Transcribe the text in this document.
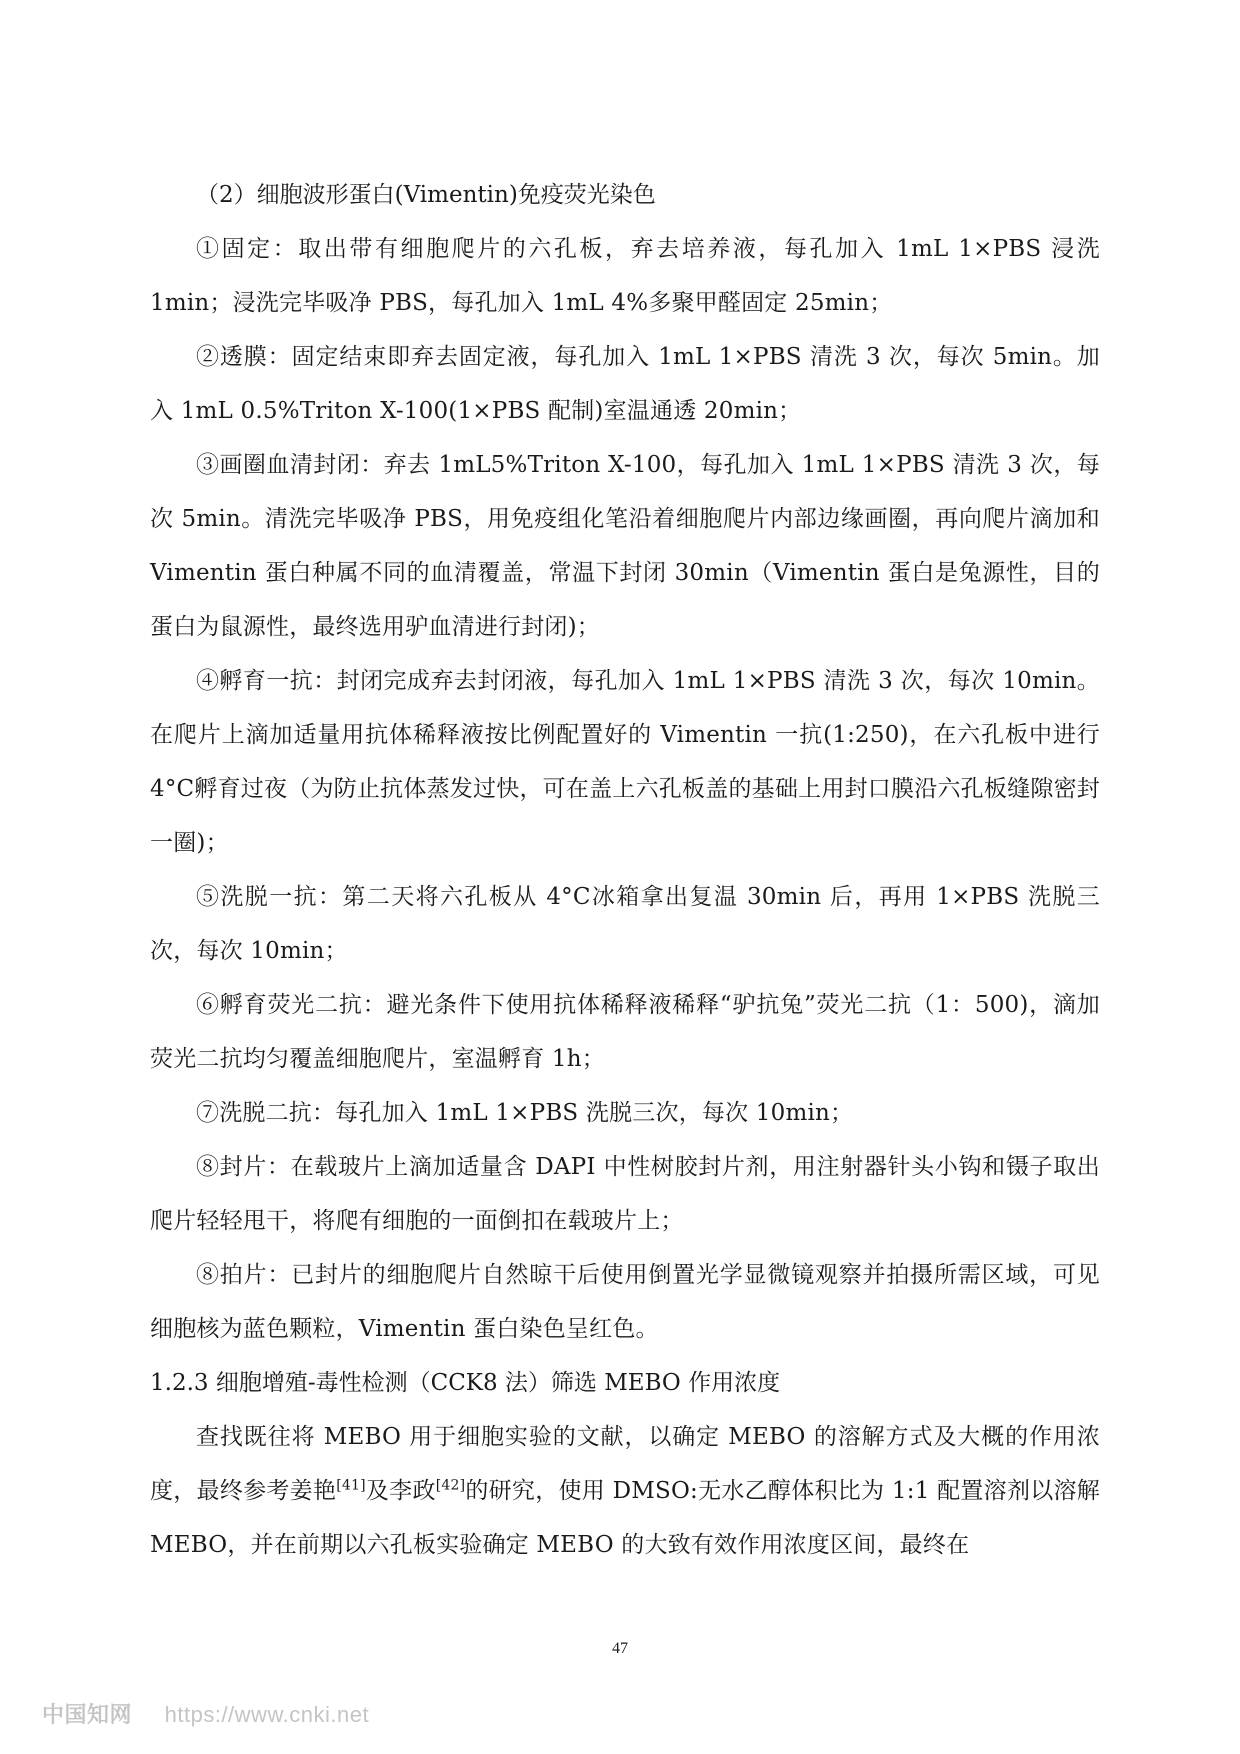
（2）细胞波形蛋白(Vimentin)免疫荧光染色

①固定：取出带有细胞爬片的六孔板，弃去培养液，每孔加入 1mL 1×PBS 浸洗 1min；浸洗完毕吸净 PBS，每孔加入 1mL 4%多聚甲醛固定 25min；

②透膜：固定结束即弃去固定液，每孔加入 1mL 1×PBS 清洗 3 次，每次 5min。加入 1mL 0.5%Triton X-100(1×PBS 配制)室温通透 20min；

③画圈血清封闭：弃去 1mL5%Triton X-100，每孔加入 1mL 1×PBS 清洗 3 次，每次 5min。清洗完毕吸净 PBS，用免疫组化笔沿着细胞爬片内部边缘画圈，再向爬片滴加和 Vimentin 蛋白种属不同的血清覆盖，常温下封闭 30min（Vimentin 蛋白是兔源性，目的蛋白为鼠源性，最终选用驴血清进行封闭)；

④孵育一抗：封闭完成弃去封闭液，每孔加入 1mL 1×PBS 清洗 3 次，每次 10min。在爬片上滴加适量用抗体稀释液按比例配置好的 Vimentin 一抗(1:250)，在六孔板中进行 4°C孵育过夜（为防止抗体蒸发过快，可在盖上六孔板盖的基础上用封口膜沿六孔板缝隙密封一圈)；

⑤洗脱一抗：第二天将六孔板从 4°C冰箱拿出复温 30min 后，再用 1×PBS 洗脱三次，每次 10min；

⑥孵育荧光二抗：避光条件下使用抗体稀释液稀释“驴抗兔”荧光二抗（1：500)，滴加荧光二抗均匀覆盖细胞爬片，室温孵育 1h；

⑦洗脱二抗：每孔加入 1mL 1×PBS 洗脱三次，每次 10min；

⑧封片：在载玻片上滴加适量含 DAPI 中性树胶封片剂，用注射器针头小钩和镊子取出爬片轻轻甩干，将爬有细胞的一面倒扣在载玻片上；

⑧拍片：已封片的细胞爬片自然晾干后使用倒置光学显微镜观察并拍摄所需区域，可见细胞核为蓝色颗粒，Vimentin 蛋白染色呈红色。

1.2.3 细胞增殖-毒性检测（CCK8 法）筛选 MEBO 作用浓度

查找既往将 MEBO 用于细胞实验的文献，以确定 MEBO 的溶解方式及大概的作用浓度，最终参考姜艳[41]及李政[42]的研究，使用 DMSO:无水乙醇体积比为 1:1 配置溶剂以溶解 MEBO，并在前期以六孔板实验确定 MEBO 的大致有效作用浓度区间，最终在

47
中国知网 https://www.cnki.net
